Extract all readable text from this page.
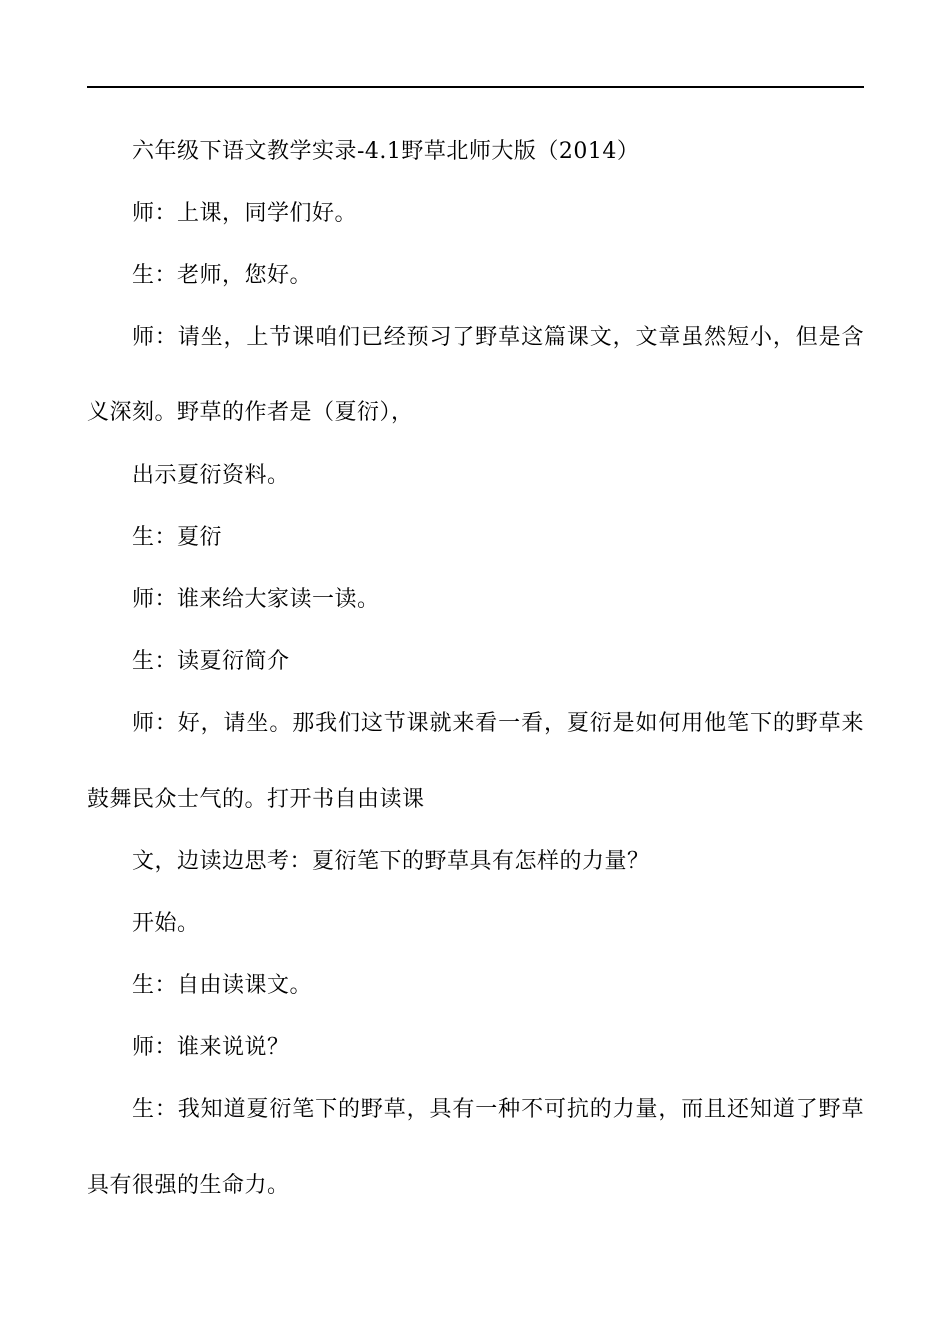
六年级下语文教学实录-4.1野草北师大版（2014）
师：上课，同学们好。
生：老师，您好。
师：请坐，上节课咱们已经预习了野草这篇课文，文章虽然短小，但是含
义深刻。野草的作者是（夏衍），
出示夏衍资料。
生：夏衍
师：谁来给大家读一读。
生：读夏衍简介
师：好，请坐。那我们这节课就来看一看，夏衍是如何用他笔下的野草来
鼓舞民众士气的。打开书自由读课
文，边读边思考：夏衍笔下的野草具有怎样的力量？
开始。
生：自由读课文。
师：谁来说说？
生：我知道夏衍笔下的野草，具有一种不可抗的力量，而且还知道了野草
具有很强的生命力。
